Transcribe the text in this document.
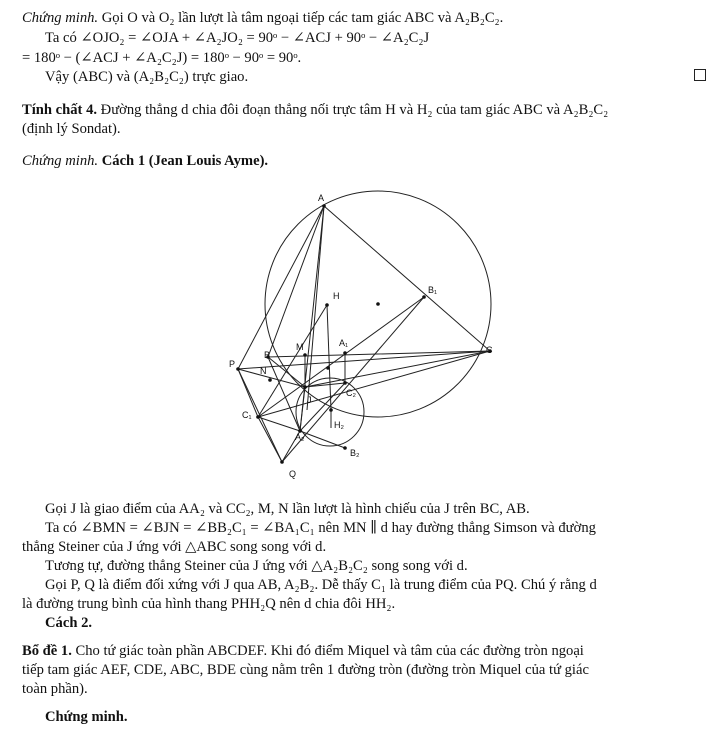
Chứng minh. Gọi O và O₂ lần lượt là tâm ngoại tiếp các tam giác ABC và A₂B₂C₂.
Ta có ∠OJO₂ = ∠OJA + ∠A₂JO₂ = 90ᵒ − ∠ACJ + 90ᵒ − ∠A₂C₂J
= 180ᵒ − (∠ACJ + ∠A₂C₂J) = 180ᵒ − 90ᵒ = 90ᵒ.
Vậy (ABC) và (A₂B₂C₂) trực giao.
Tính chất 4. Đường thẳng d chia đôi đoạn thẳng nối trực tâm H và H₂ của tam giác ABC và A₂B₂C₂
(định lý Sondat).
Chứng minh. Cách 1 (Jean Louis Ayme).
A
B₁
H
M	A₁
C
B
P
N
J
C₂
C₁
H₂
A₂
B₂
Q
Gọi J là giao điểm của AA₂ và CC₂, M, N lần lượt là hình chiếu của J trên BC, AB.
Ta có ∠BMN = ∠BJN = ∠BB₂C₁ = ∠BA₁C₁ nên MN ∥ d hay đường thẳng Simson và đường
thẳng Steiner của J ứng với △ABC song song với d.
Tương tự, đường thẳng Steiner của J ứng với △A₂B₂C₂ song song với d.
Gọi P, Q là điểm đối xứng với J qua AB, A₂B₂. Dễ thấy C₁ là trung điểm của PQ. Chú ý rằng d
là đường trung bình của hình thang PHH₂Q nên d chia đôi HH₂.
Cách 2.
Bổ đề 1. Cho tứ giác toàn phần ABCDEF. Khi đó điểm Miquel và tâm của các đường tròn ngoại
tiếp tam giác AEF, CDE, ABC, BDE cùng nằm trên 1 đường tròn (đường tròn Miquel của tứ giác
toàn phần).
Chứng minh.
